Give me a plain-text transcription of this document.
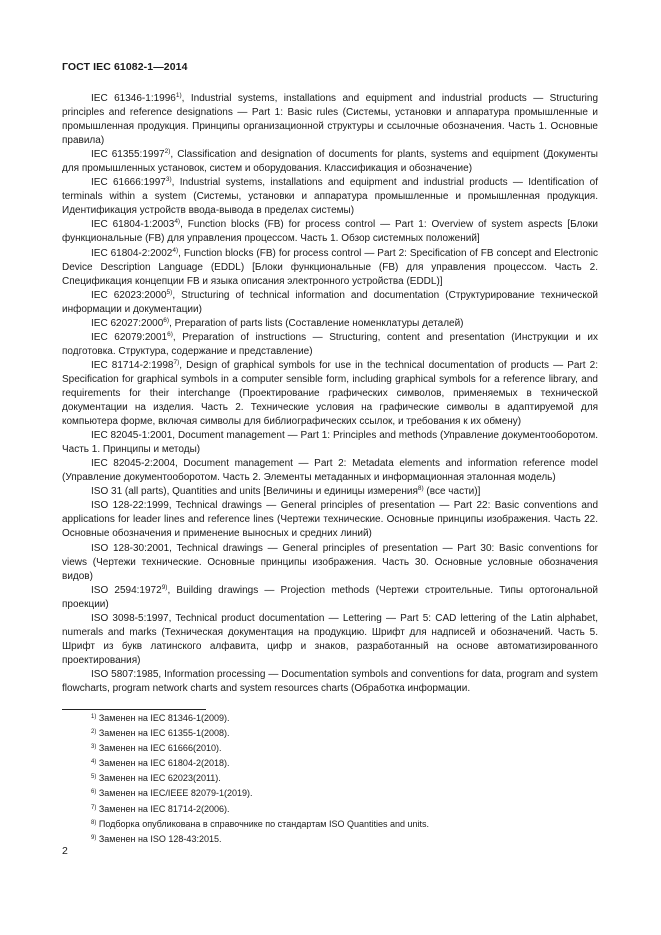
ГОСТ IEC 61082-1—2014

IEC 61346-1:1996$^{1)}$, Industrial systems, installations and equipment and industrial products — Structuring principles and reference designations — Part 1: Basic rules (Системы, установки и аппаратура промышленные и промышленная продукция. Принципы организационной структуры и ссылочные обозначения. Часть 1. Основные правила)

IEC 61355:1997$^{2)}$, Classification and designation of documents for plants, systems and equipment (Документы для промышленных установок, систем и оборудования. Классификация и обозначение)

IEC 61666:1997$^{3)}$, Industrial systems, installations and equipment and industrial products — Identification of terminals within a system (Системы, установки и аппаратура промышленные и промышленная продукция. Идентификация устройств ввода-вывода в пределах системы)

IEC 61804-1:2003$^{4)}$, Function blocks (FB) for process control — Part 1: Overview of system aspects [Блоки функциональные (FB) для управления процессом. Часть 1. Обзор системных положений]

IEC 61804-2:2002$^{4)}$, Function blocks (FB) for process control — Part 2: Specification of FB concept and Electronic Device Description Language (EDDL) [Блоки функциональные (FB) для управления процессом. Часть 2. Спецификация концепции FB и языка описания электронного устройства (EDDL)]

IEC 62023:2000$^{5)}$, Structuring of technical information and documentation (Структурирование технической информации и документации)

IEC 62027:2000$^{6)}$, Preparation of parts lists (Составление номенклатуры деталей)

IEC 62079:2001$^{6)}$, Preparation of instructions — Structuring, content and presentation (Инструкции и их подготовка. Структура, содержание и представление)

IEC 81714-2:1998$^{7)}$, Design of graphical symbols for use in the technical documentation of products — Part 2: Specification for graphical symbols in a computer sensible form, including graphical symbols for a reference library, and requirements for their interchange (Проектирование графических символов, применяемых в технической документации на изделия. Часть 2. Технические условия на графические символы в адаптируемой для компьютера форме, включая символы для библиографических ссылок, и требования к их обмену)

IEC 82045-1:2001, Document management — Part 1: Principles and methods (Управление документооборотом. Часть 1. Принципы и методы)

IEC 82045-2:2004, Document management — Part 2: Metadata elements and information reference model (Управление документооборотом. Часть 2. Элементы метаданных и информационная эталонная модель)

ISO 31 (all parts), Quantities and units [Величины и единицы измерения$^{8)}$ (все части)]

ISO 128-22:1999, Technical drawings — General principles of presentation — Part 22: Basic conventions and applications for leader lines and reference lines (Чертежи технические. Основные принципы изображения. Часть 22. Основные обозначения и применение выносных и средних линий)

ISO 128-30:2001, Technical drawings — General principles of presentation — Part 30: Basic conventions for views (Чертежи технические. Основные принципы изображения. Часть 30. Основные условные обозначения видов)

ISO 2594:1972$^{9)}$, Building drawings — Projection methods (Чертежи строительные. Типы ортогональной проекции)

ISO 3098-5:1997, Technical product documentation — Lettering — Part 5: CAD lettering of the Latin alphabet, numerals and marks (Техническая документация на продукцию. Шрифт для надписей и обозначений. Часть 5. Шрифт из букв латинского алфавита, цифр и знаков, разработанный на основе автоматизированного проектирования)

ISO 5807:1985, Information processing — Documentation symbols and conventions for data, program and system flowcharts, program network charts and system resources charts (Обработка информации.

$^{1)}$ Заменен на IEC 81346-1(2009).
$^{2)}$ Заменен на IEC 61355-1(2008).
$^{3)}$ Заменен на IEC 61666(2010).
$^{4)}$ Заменен на IEC 61804-2(2018).
$^{5)}$ Заменен на IEC 62023(2011).
$^{6)}$ Заменен на IEC/IEEE 82079-1(2019).
$^{7)}$ Заменен на IEC 81714-2(2006).
$^{8)}$ Подборка опубликована в справочнике по стандартам ISO Quantities and units.
$^{9)}$ Заменен на ISO 128-43:2015.
2
